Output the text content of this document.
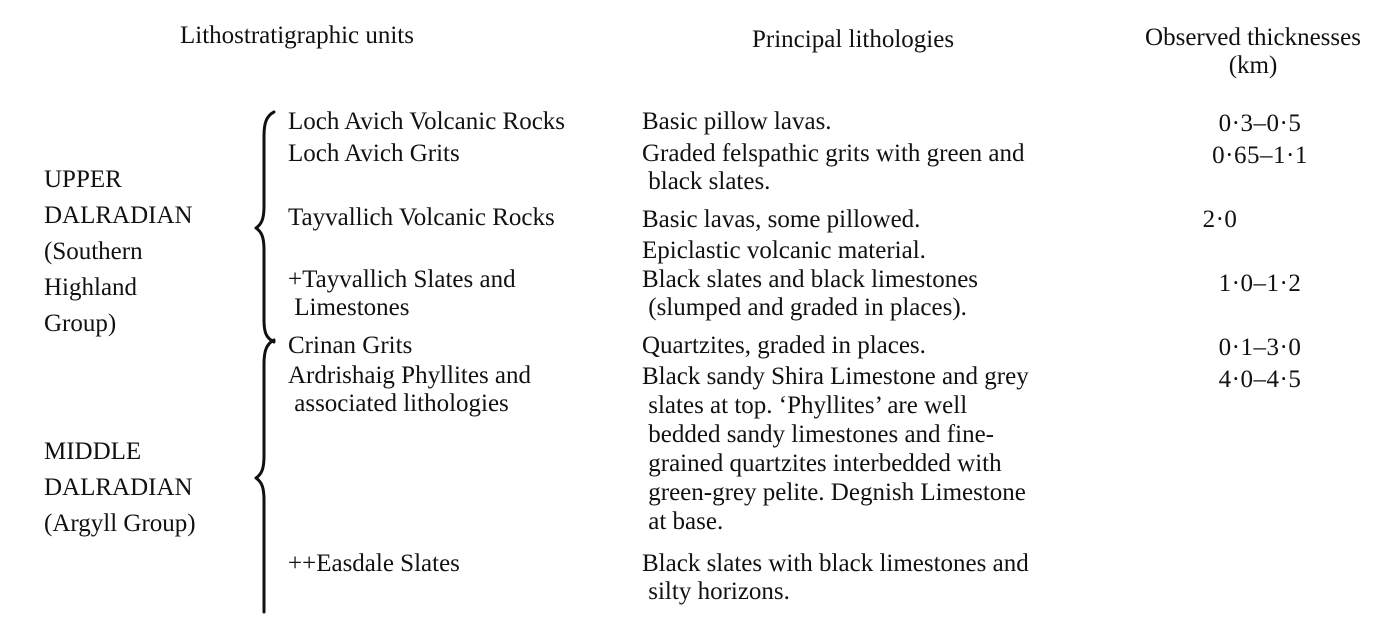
Lithostratigraphic units	Principal lithologies	Observed thicknesses
(km)
UPPER
DALRADIAN
(Southern
Highland
Group)
MIDDLE
DALRADIAN
(Argyll Group)
Loch Avich Volcanic Rocks
Loch Avich Grits
Tayvallich Volcanic Rocks
+Tayvallich Slates and
Limestones
Crinan Grits
Ardrishaig Phyllites and
associated lithologies
++Easdale Slates
Basic pillow lavas.
Graded felspathic grits with green and
black slates.
Basic lavas, some pillowed.
Epiclastic volcanic material.
Black slates and black limestones
(slumped and graded in places).
Quartzites, graded in places.
Black sandy Shira Limestone and grey
slates at top. ‘Phyllites’ are well
bedded sandy limestones and fine-
grained quartzites interbedded with
green-grey pelite. Degnish Limestone
at base.
Black slates with black limestones and
silty horizons.
0·3–0·5
0·65–1·1
2·0
1·0–1·2
0·1–3·0
4·0–4·5
